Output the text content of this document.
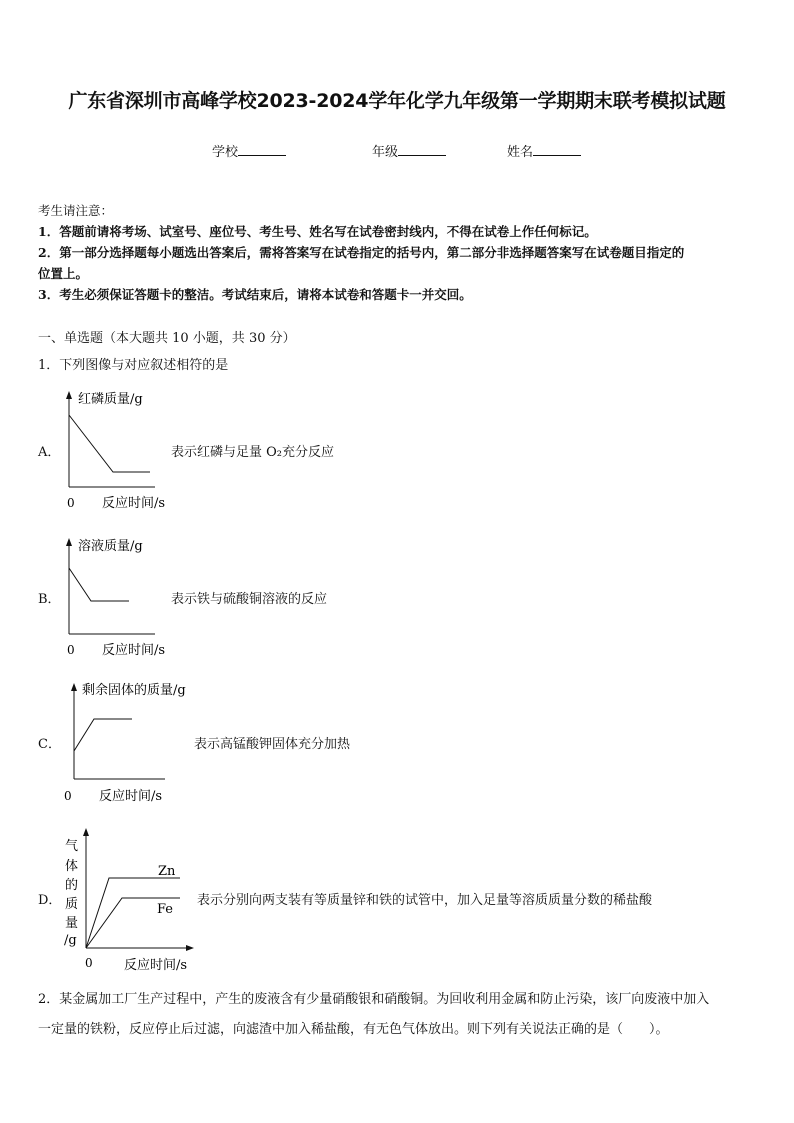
广东省深圳市高峰学校2023-2024学年化学九年级第一学期期末联考模拟试题
学校	年级	姓名
考生请注意：
1．答题前请将考场、试室号、座位号、考生号、姓名写在试卷密封线内，不得在试卷上作任何标记。
2．第一部分选择题每小题选出答案后，需将答案写在试卷指定的括号内，第二部分非选择题答案写在试卷题目指定的
位置上。
3．考生必须保证答题卡的整洁。考试结束后，请将本试卷和答题卡一并交回。
一、单选题（本大题共 10 小题，共 30 分）
1．下列图像与对应叙述相符的是
A．
红磷质量/g
0 反应时间/s
表示红磷与足量 O₂充分反应
B．
溶液质量/g
0 反应时间/s
表示铁与硫酸铜溶液的反应
C．
剩余固体的质量/g
0 反应时间/s
表示高锰酸钾固体充分加热
D．
Zn
Fe
气
体
的
质
量
/g
0 反应时间/s
表示分别向两支装有等质量锌和铁的试管中，加入足量等溶质质量分数的稀盐酸
2．某金属加工厂生产过程中，产生的废液含有少量硝酸银和硝酸铜。为回收利用金属和防止污染，该厂向废液中加入
一定量的铁粉，反应停止后过滤，向滤渣中加入稀盐酸，有无色气体放出。则下列有关说法正确的是（　　）。
